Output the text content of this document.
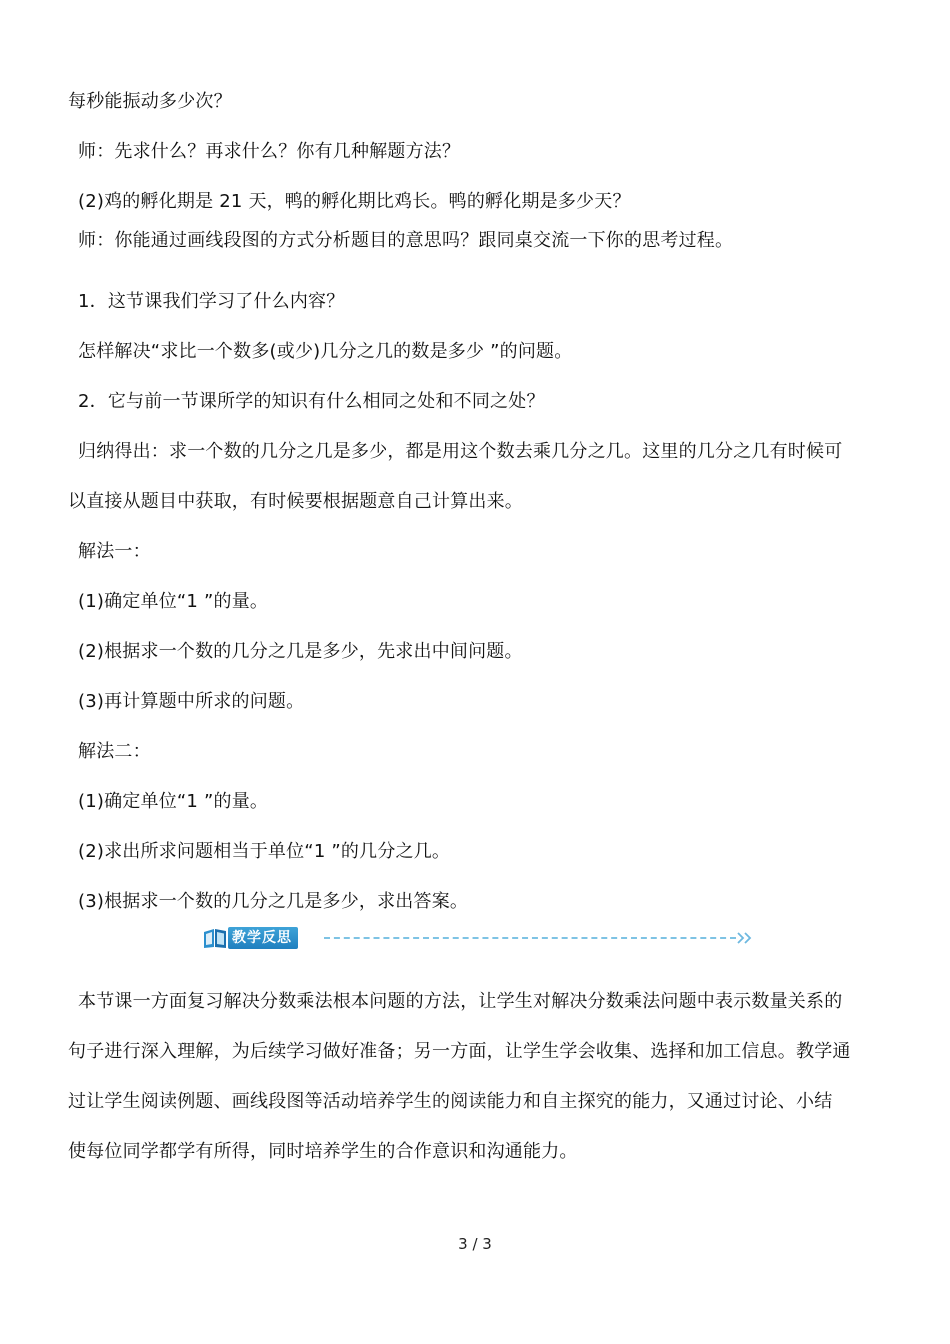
每秒能振动多少次？
师：先求什么？再求什么？你有几种解题方法？
(2)鸡的孵化期是 21 天，鸭的孵化期比鸡长。鸭的孵化期是多少天？
师：你能通过画线段图的方式分析题目的意思吗？跟同桌交流一下你的思考过程。
1．这节课我们学习了什么内容？
怎样解决“求比一个数多(或少)几分之几的数是多少 ”的问题。
2．它与前一节课所学的知识有什么相同之处和不同之处？
归纳得出：求一个数的几分之几是多少，都是用这个数去乘几分之几。这里的几分之几有时候可
以直接从题目中获取，有时候要根据题意自己计算出来。
解法一：
(1)确定单位“1 ”的量。
(2)根据求一个数的几分之几是多少，先求出中间问题。
(3)再计算题中所求的问题。
解法二：
(1)确定单位“1 ”的量。
(2)求出所求问题相当于单位“1 ”的几分之几。
(3)根据求一个数的几分之几是多少，求出答案。
教学反思
本节课一方面复习解决分数乘法根本问题的方法，让学生对解决分数乘法问题中表示数量关系的
句子进行深入理解，为后续学习做好准备；另一方面，让学生学会收集、选择和加工信息。教学通
过让学生阅读例题、画线段图等活动培养学生的阅读能力和自主探究的能力，又通过讨论、小结
使每位同学都学有所得，同时培养学生的合作意识和沟通能力。
3 / 3
